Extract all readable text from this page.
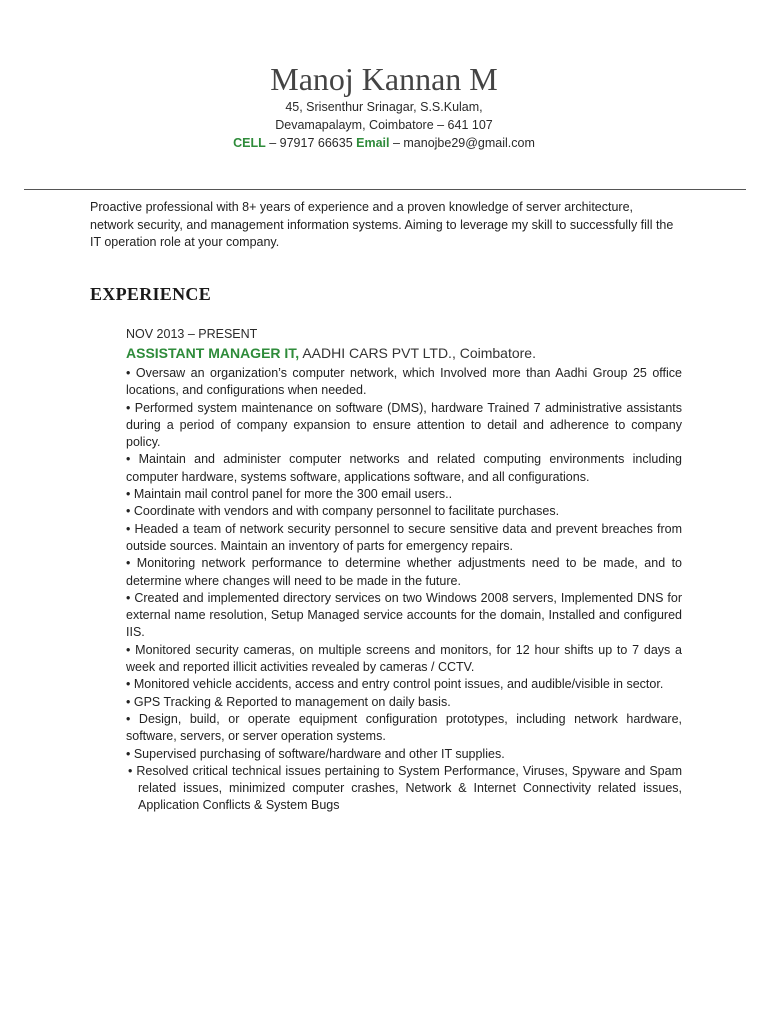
Manoj Kannan M
45, Srisenthur Srinagar, S.S.Kulam,
Devamapalaym, Coimbatore – 641 107
CELL – 97917 66635 Email – manojbe29@gmail.com

Proactive professional with 8+ years of experience and a proven knowledge of server architecture, network security, and management information systems. Aiming to leverage my skill to successfully fill the IT operation role at your company.

EXPERIENCE
NOV 2013 – PRESENT
ASSISTANT MANAGER IT, AADHI CARS PVT LTD., Coimbatore.
• Oversaw an organization’s computer network, which Involved more than Aadhi Group 25 office locations, and configurations when needed.
• Performed system maintenance on software (DMS), hardware Trained 7 administrative assistants during a period of company expansion to ensure attention to detail and adherence to company policy.
• Maintain and administer computer networks and related computing environments including computer hardware, systems software, applications software, and all configurations.
• Maintain mail control panel for more the 300 email users..
• Coordinate with vendors and with company personnel to facilitate purchases.
• Headed a team of network security personnel to secure sensitive data and prevent breaches from outside sources. Maintain an inventory of parts for emergency repairs.
• Monitoring network performance to determine whether adjustments need to be made, and to determine where changes will need to be made in the future.
• Created and implemented directory services on two Windows 2008 servers, Implemented DNS for external name resolution, Setup Managed service accounts for the domain, Installed and configured IIS.
• Monitored security cameras, on multiple screens and monitors, for 12 hour shifts up to 7 days a week and reported illicit activities revealed by cameras / CCTV.
• Monitored vehicle accidents, access and entry control point issues, and audible/visible in sector.
• GPS Tracking & Reported to management on daily basis.
• Design, build, or operate equipment configuration prototypes, including network hardware, software, servers, or server operation systems.
• Supervised purchasing of software/hardware and other IT supplies.
• Resolved critical technical issues pertaining to System Performance, Viruses, Spyware and Spam related issues, minimized computer crashes, Network & Internet Connectivity related issues, Application Conflicts & System Bugs
